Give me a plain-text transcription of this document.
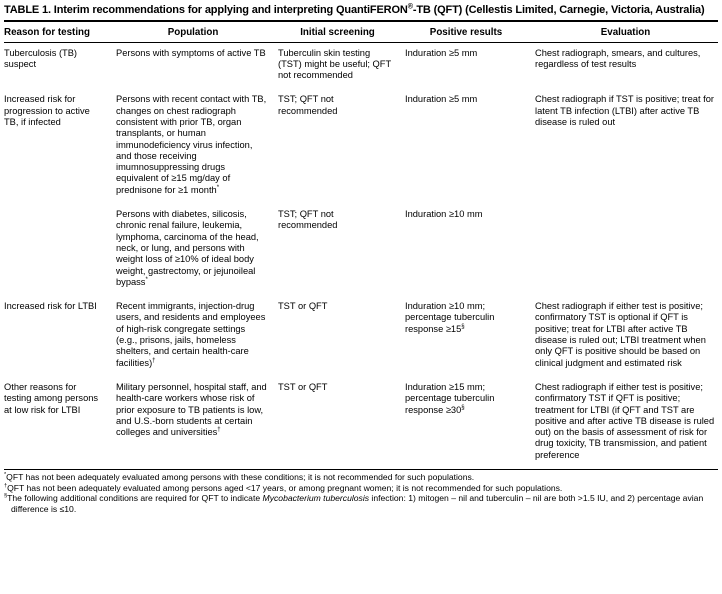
TABLE 1. Interim recommendations for applying and interpreting QuantiFERON®-TB (QFT) (Cellestis Limited, Carnegie, Victoria, Australia)
Reason for testing	Population	Initial screening	Positive results	Evaluation
Tuberculosis (TB) suspect	Persons with symptoms of active TB	Tuberculin skin testing (TST) might be useful; QFT not recommended	Induration ≥5 mm	Chest radiograph, smears, and cultures, regardless of test results
Increased risk for progression to active TB, if infected	Persons with recent contact with TB, changes on chest radiograph consistent with prior TB, organ transplants, or human immunodeficiency virus infection, and those receiving imumnosuppressing drugs equivalent of ≥15 mg/day of prednisone for ≥1 month*	TST; QFT not recommended	Induration ≥5 mm	Chest radiograph if TST is positive; treat for latent TB infection (LTBI) after active TB disease is ruled out
	Persons with diabetes, silicosis, chronic renal failure, leukemia, lymphoma, carcinoma of the head, neck, or lung, and persons with weight loss of ≥10% of ideal body weight, gastrectomy, or jejunoileal bypass*	TST; QFT not recommended	Induration ≥10 mm	
Increased risk for LTBI	Recent immigrants, injection-drug users, and residents and employees of high-risk congregate settings (e.g., prisons, jails, homeless shelters, and certain health-care facilities)†	TST or QFT	Induration ≥10 mm; percentage tuberculin response ≥15§	Chest radiograph if either test is positive; confirmatory TST is optional if QFT is positive; treat for LTBI after active TB disease is ruled out; LTBI treatment when only QFT is positive should be based on clinical judgment and estimated risk
Other reasons for testing among persons at low risk for LTBI	Military personnel, hospital staff, and health-care workers whose risk of prior exposure to TB patients is low, and U.S.-born students at certain colleges and universities†	TST or QFT	Induration ≥15 mm; percentage tuberculin response ≥30§	Chest radiograph if either test is positive; confirmatory TST if QFT is positive; treatment for LTBI (if QFT and TST are positive and after active TB disease is ruled out) on the basis of assessment of risk for drug toxicity, TB transmission, and patient preference
*QFT has not been adequately evaluated among persons with these conditions; it is not recommended for such populations.
†QFT has not been adequately evaluated among persons aged <17 years, or among pregnant women; it is not recommended for such populations.
§The following additional conditions are required for QFT to indicate Mycobacterium tuberculosis infection: 1) mitogen – nil and tuberculin – nil are both >1.5 IU, and 2) percentage avian difference is ≤10.
